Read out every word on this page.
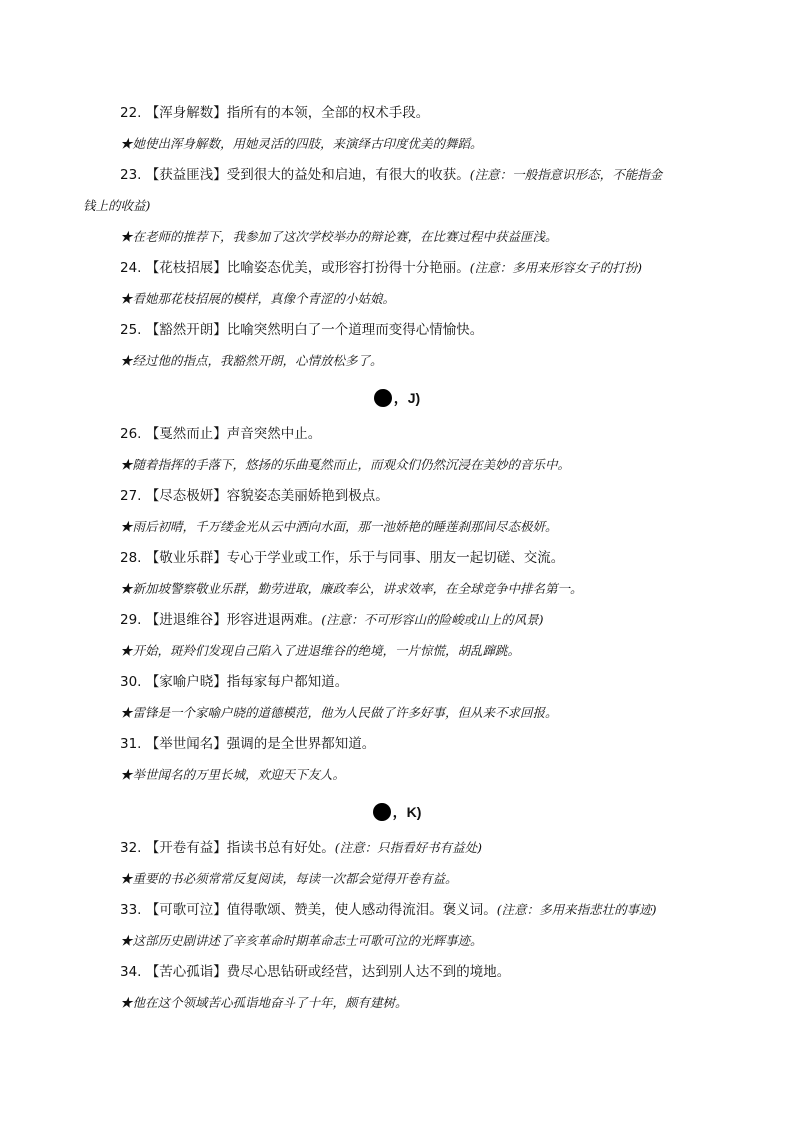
22. 【浑身解数】指所有的本领，全部的权术手段。
★她使出浑身解数，用她灵活的四肢，来演绎古印度优美的舞蹈。
23. 【获益匪浅】受到很大的益处和启迪，有很大的收获。(注意：一般指意识形态，不能指金
钱上的收益)
★在老师的推荐下，我参加了这次学校举办的辩论赛，在比赛过程中获益匪浅。
24. 【花枝招展】比喻姿态优美，或形容打扮得十分艳丽。(注意：多用来形容女子的打扮)
★看她那花枝招展的模样，真像个青涩的小姑娘。
25. 【豁然开朗】比喻突然明白了一个道理而变得心情愉快。
★经过他的指点，我豁然开朗，心情放松多了。
，J)
26. 【戛然而止】声音突然中止。
★随着指挥的手落下，悠扬的乐曲戛然而止，而观众们仍然沉浸在美妙的音乐中。
27. 【尽态极妍】容貌姿态美丽娇艳到极点。
★雨后初晴，千万缕金光从云中洒向水面，那一池娇艳的睡莲刹那间尽态极妍。
28. 【敬业乐群】专心于学业或工作，乐于与同事、朋友一起切磋、交流。
★新加坡警察敬业乐群，勤劳进取，廉政奉公，讲求效率，在全球竞争中排名第一。
29. 【进退维谷】形容进退两难。(注意：不可形容山的险峻或山上的风景)
★开始，斑羚们发现自己陷入了进退维谷的绝境，一片惊慌，胡乱蹿跳。
30. 【家喻户晓】指每家每户都知道。
★雷锋是一个家喻户晓的道德模范，他为人民做了许多好事，但从来不求回报。
31. 【举世闻名】强调的是全世界都知道。
★举世闻名的万里长城，欢迎天下友人。
，K)
32. 【开卷有益】指读书总有好处。(注意：只指看好书有益处)
★重要的书必须常常反复阅读，每读一次都会觉得开卷有益。
33. 【可歌可泣】值得歌颂、赞美，使人感动得流泪。褒义词。(注意：多用来指悲壮的事迹)
★这部历史剧讲述了辛亥革命时期革命志士可歌可泣的光辉事迹。
34. 【苦心孤诣】费尽心思钻研或经营，达到别人达不到的境地。
★他在这个领域苦心孤诣地奋斗了十年，颇有建树。
